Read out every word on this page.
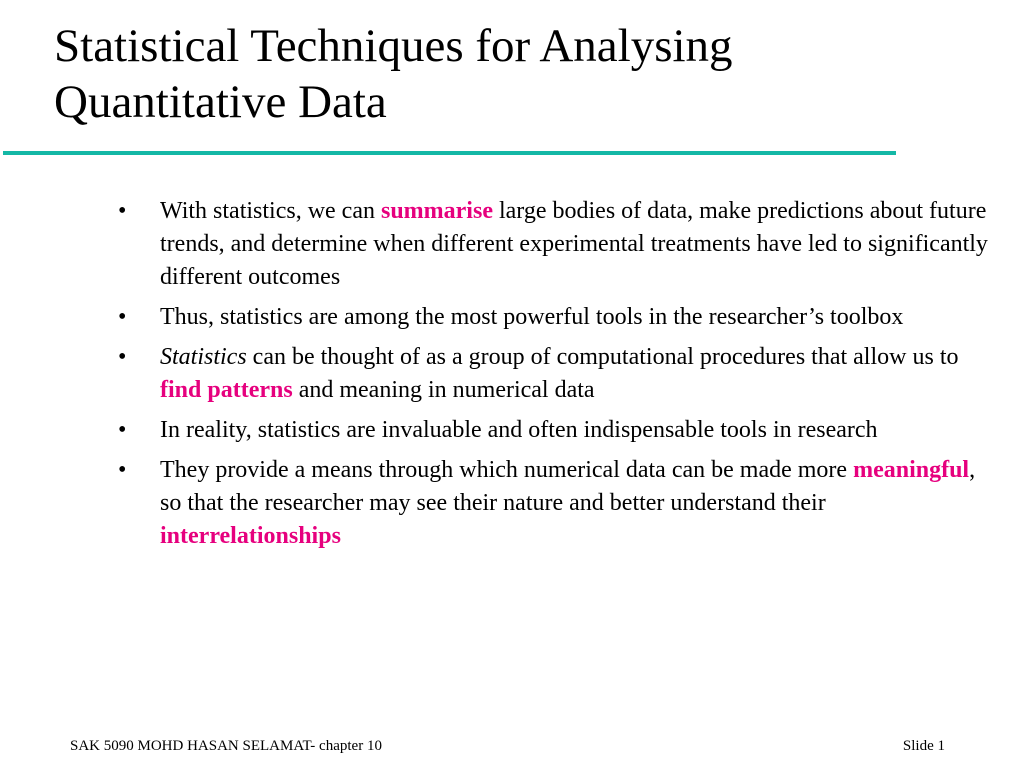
Statistical Techniques for Analysing
Quantitative Data
• With statistics, we can summarise large bodies of data, make predictions about future trends, and determine when different experimental treatments have led to significantly different outcomes
• Thus, statistics are among the most powerful tools in the researcher’s toolbox
• Statistics can be thought of as a group of computational procedures that allow us to find patterns and meaning in numerical data
• In reality, statistics are invaluable and often indispensable tools in research
• They provide a means through which numerical data can be made more meaningful, so that the researcher may see their nature and better understand their interrelationships
SAK 5090 MOHD HASAN SELAMAT- chapter 10	Slide 1
